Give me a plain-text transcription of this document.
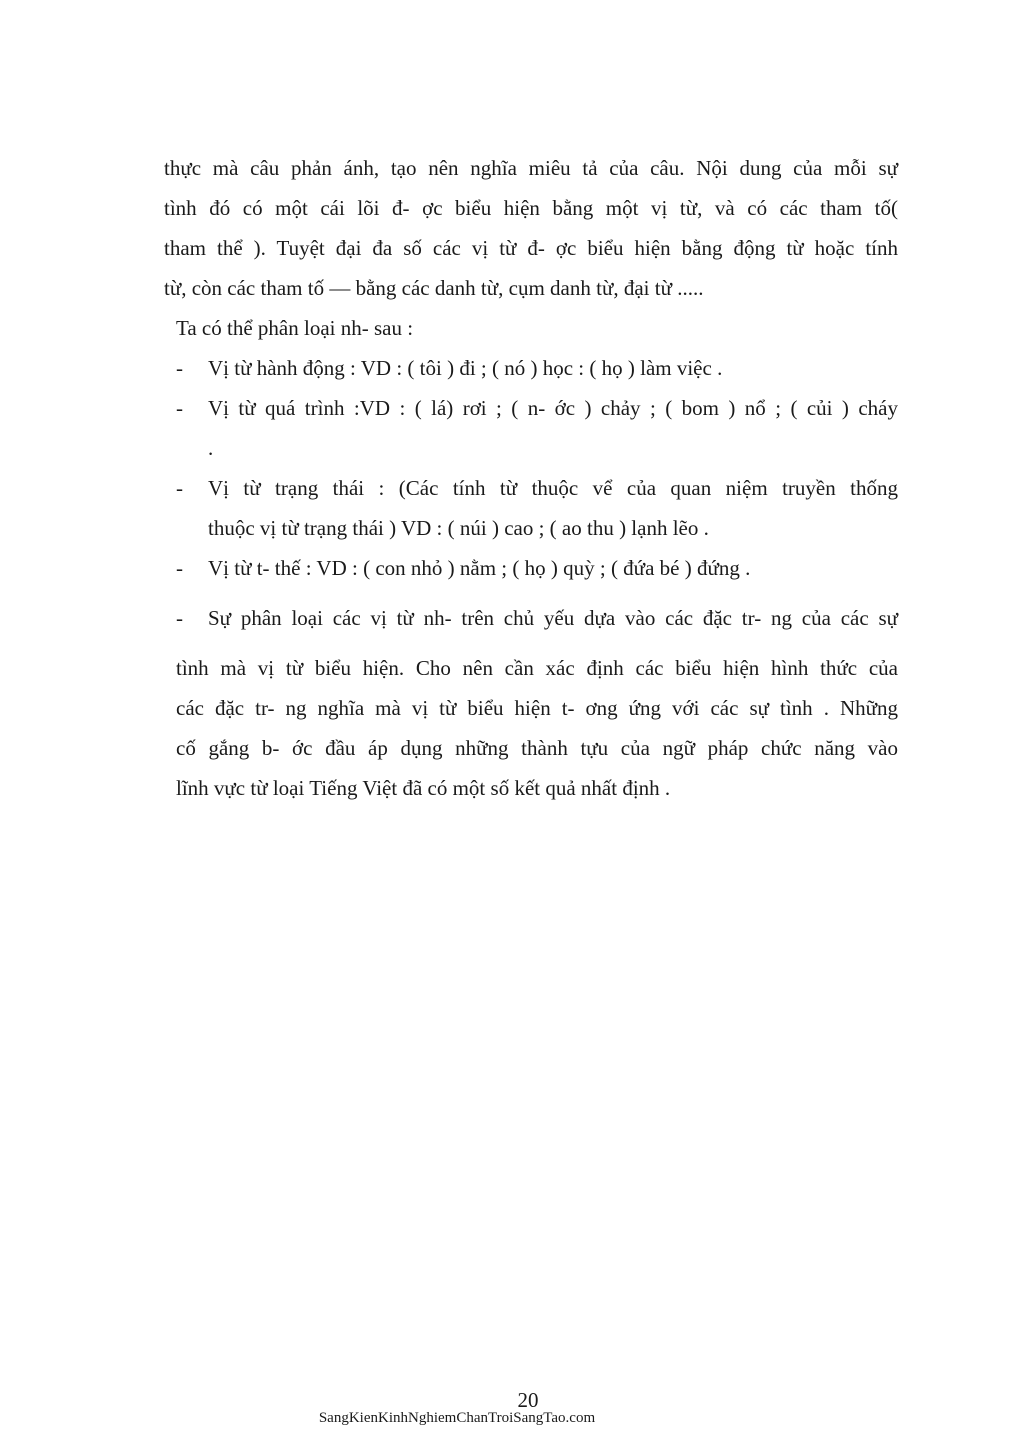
thực mà câu phản ánh, tạo nên nghĩa miêu tả của câu. Nội dung của mỗi sự
tình đó có một cái lõi đ- ợc biểu hiện bằng một vị từ, và có các tham tố(
tham thể ). Tuyệt đại đa số các vị từ đ- ợc biểu hiện bằng động từ hoặc tính
từ, còn các tham tố — bằng các danh từ, cụm danh từ, đại từ .....
Ta có thể phân loại nh- sau :
- Vị từ hành động : VD : ( tôi ) đi ; ( nó ) học : ( họ ) làm việc .
- Vị từ quá trình :VD : ( lá) rơi ; ( n- ớc ) chảy ; ( bom ) nổ ; ( củi ) cháy
.
- Vị từ trạng thái : (Các tính từ thuộc vể của quan niệm truyền thống
thuộc vị từ trạng thái ) VD : ( núi ) cao ; ( ao thu ) lạnh lẽo .
- Vị từ t- thế : VD : ( con nhỏ ) nằm ; ( họ ) quỳ ; ( đứa bé ) đứng .
- Sự phân loại các vị từ nh- trên chủ yếu dựa vào các đặc tr- ng của các sự
tình mà vị từ biểu hiện. Cho nên cần xác định các biểu hiện hình thức của
các đặc tr- ng nghĩa mà vị từ biểu hiện t- ơng ứng với các sự tình . Những
cố gắng b- ớc đầu áp dụng những thành tựu của ngữ pháp chức năng vào
lĩnh vực từ loại Tiếng Việt đã có một số kết quả nhất định .
20
SangKienKinhNghiemChanTroiSangTao.com
